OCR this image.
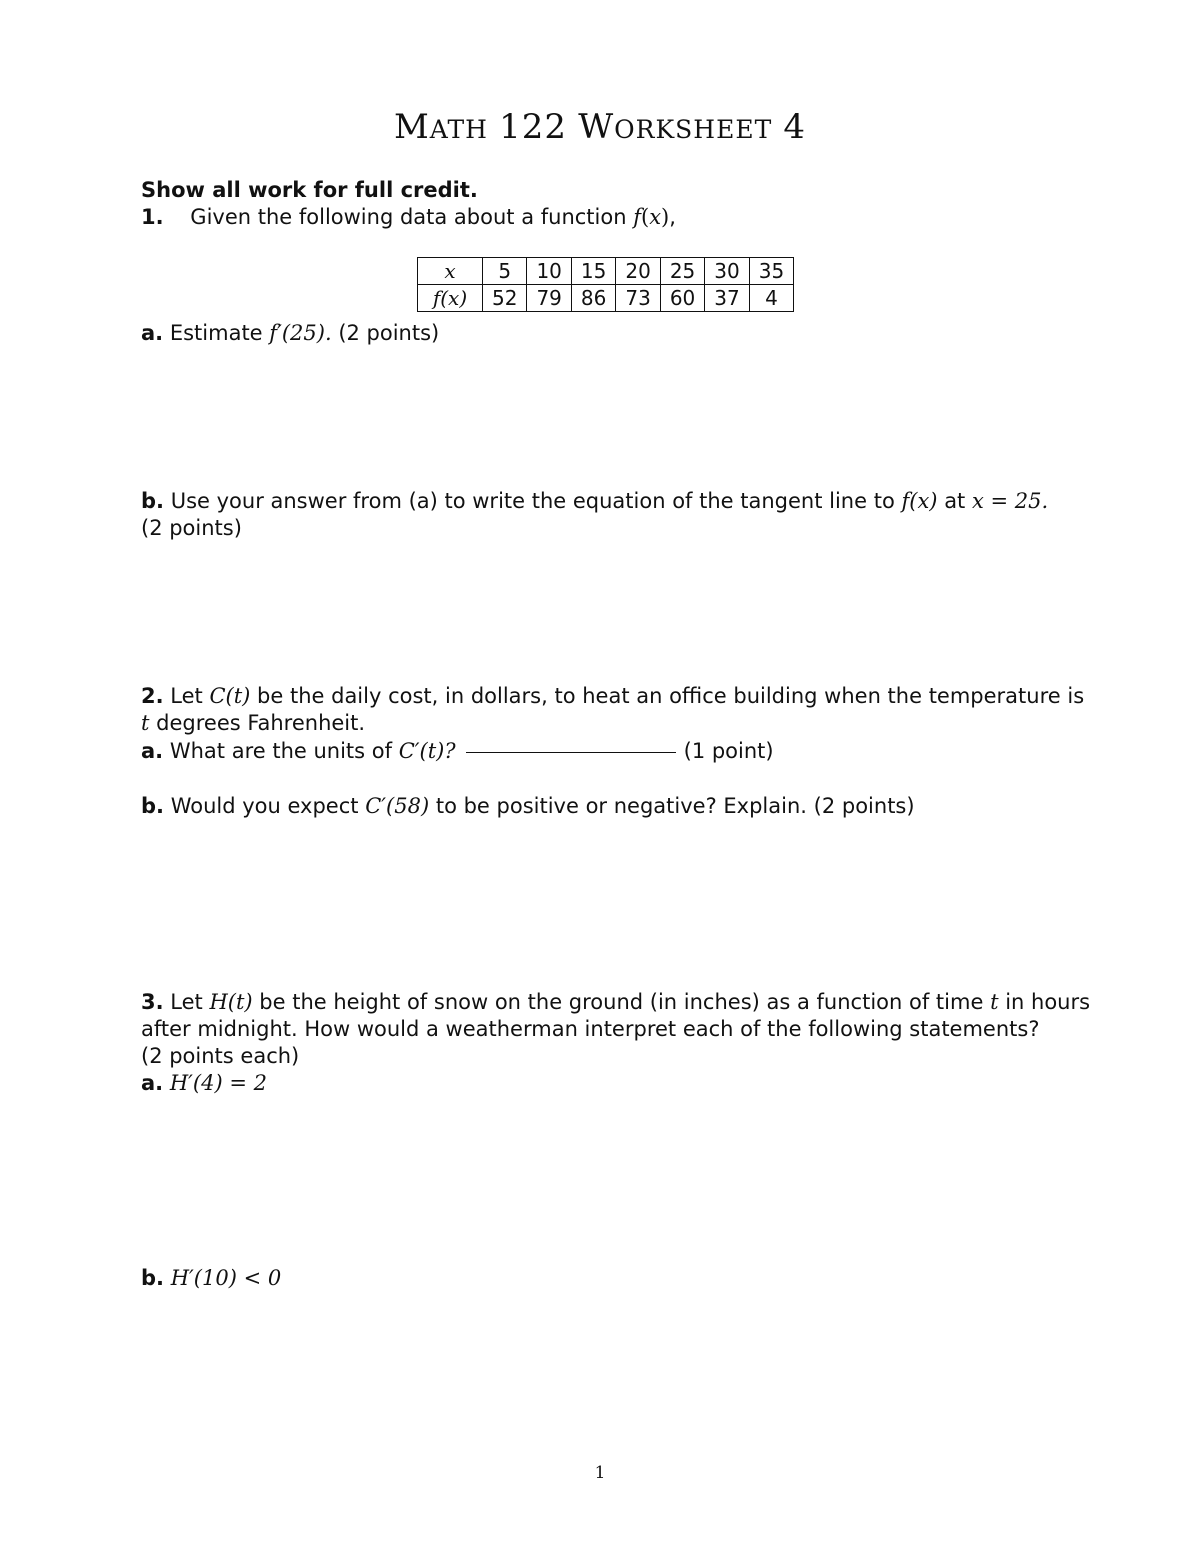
MATH 122 WORKSHEET 4
Show all work for full credit.
1. Given the following data about a function f(x),
x	5	10	15	20	25	30	35
f(x)	52	79	86	73	60	37	4
a. Estimate f′(25). (2 points)
b. Use your answer from (a) to write the equation of the tangent line to f(x) at x = 25.
(2 points)
2. Let C(t) be the daily cost, in dollars, to heat an office building when the temperature is
t degrees Fahrenheit.
a. What are the units of C′(t)?	(1 point)
b. Would you expect C′(58) to be positive or negative? Explain. (2 points)
3. Let H(t) be the height of snow on the ground (in inches) as a function of time t in hours
after midnight. How would a weatherman interpret each of the following statements?
(2 points each)
a. H′(4) = 2
b. H′(10) < 0
1
